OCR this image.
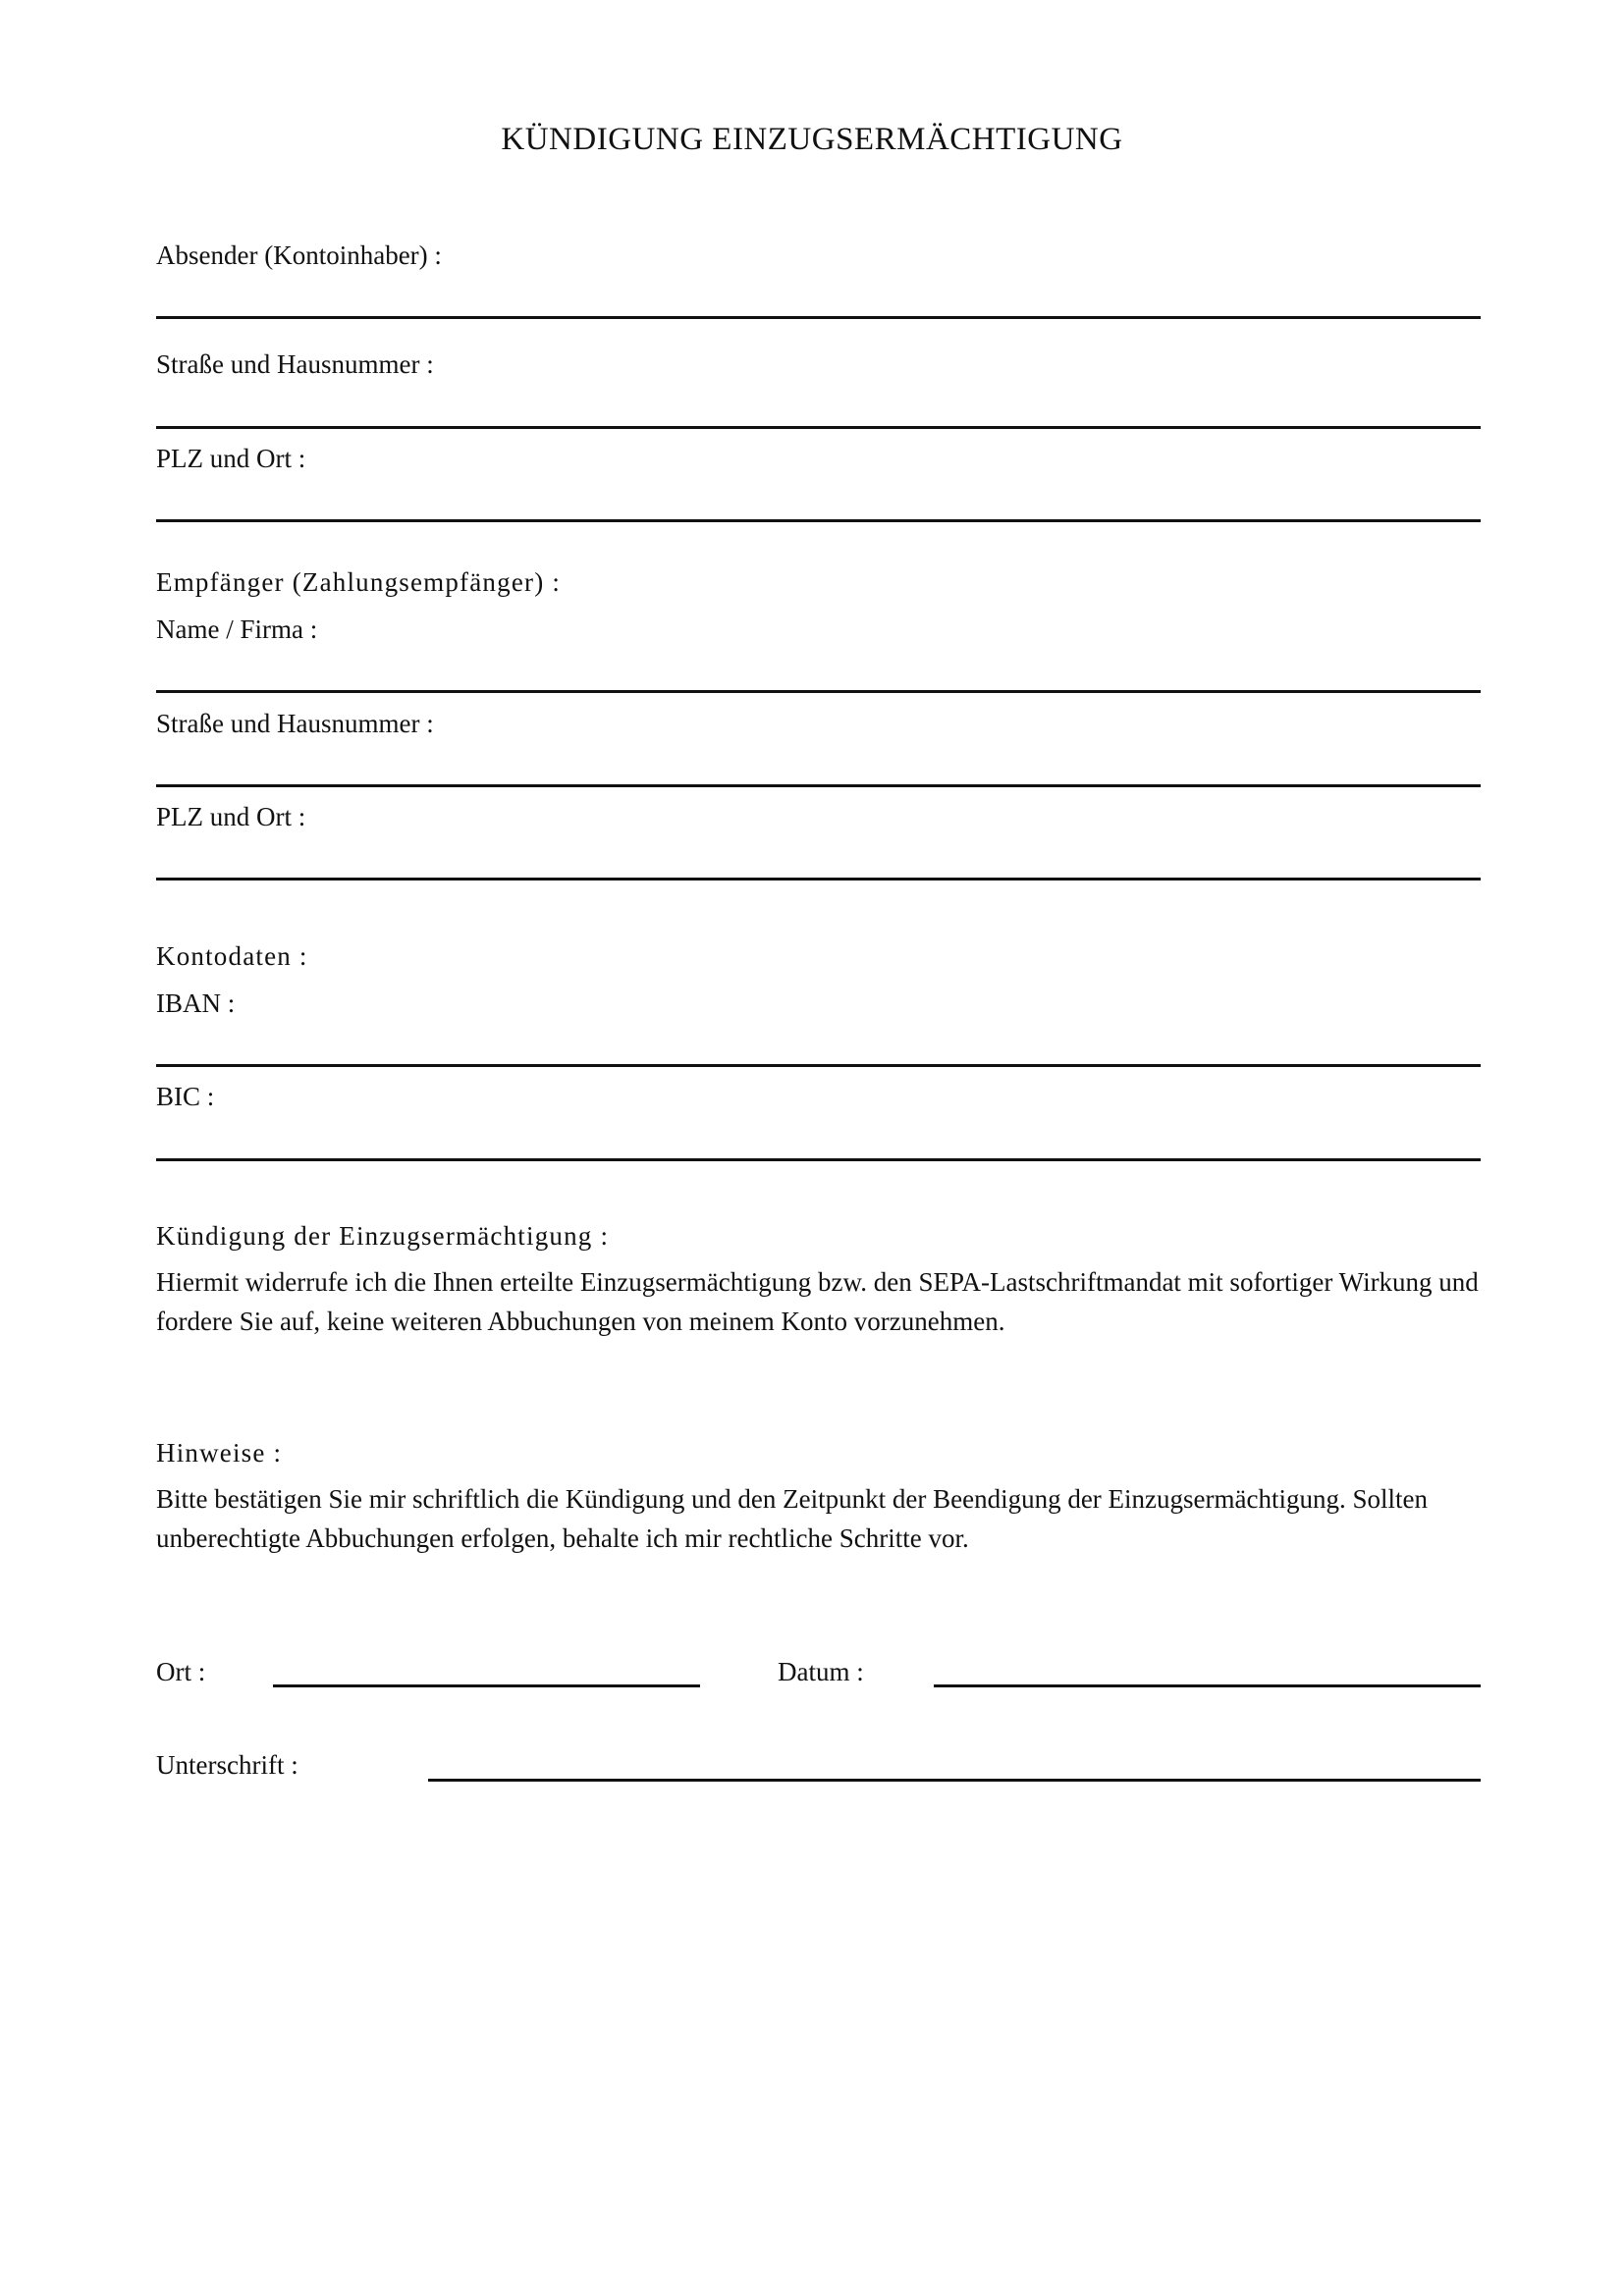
KÜNDIGUNG EINZUGSERMÄCHTIGUNG
Absender (Kontoinhaber) :
Straße und Hausnummer :
PLZ und Ort :
Empfänger (Zahlungsempfänger) :
Name / Firma :
Straße und Hausnummer :
PLZ und Ort :
Kontodaten :
IBAN :
BIC :
Kündigung der Einzugsermächtigung :
Hiermit widerrufe ich die Ihnen erteilte Einzugsermächtigung bzw. den SEPA-Lastschriftmandat mit sofortiger Wirkung und fordere Sie auf, keine weiteren Abbuchungen von meinem Konto vorzunehmen.
Hinweise :
Bitte bestätigen Sie mir schriftlich die Kündigung und den Zeitpunkt der Beendigung der Einzugsermächtigung. Sollten unberechtigte Abbuchungen erfolgen, behalte ich mir rechtliche Schritte vor.
Ort :	Datum :
Unterschrift :
